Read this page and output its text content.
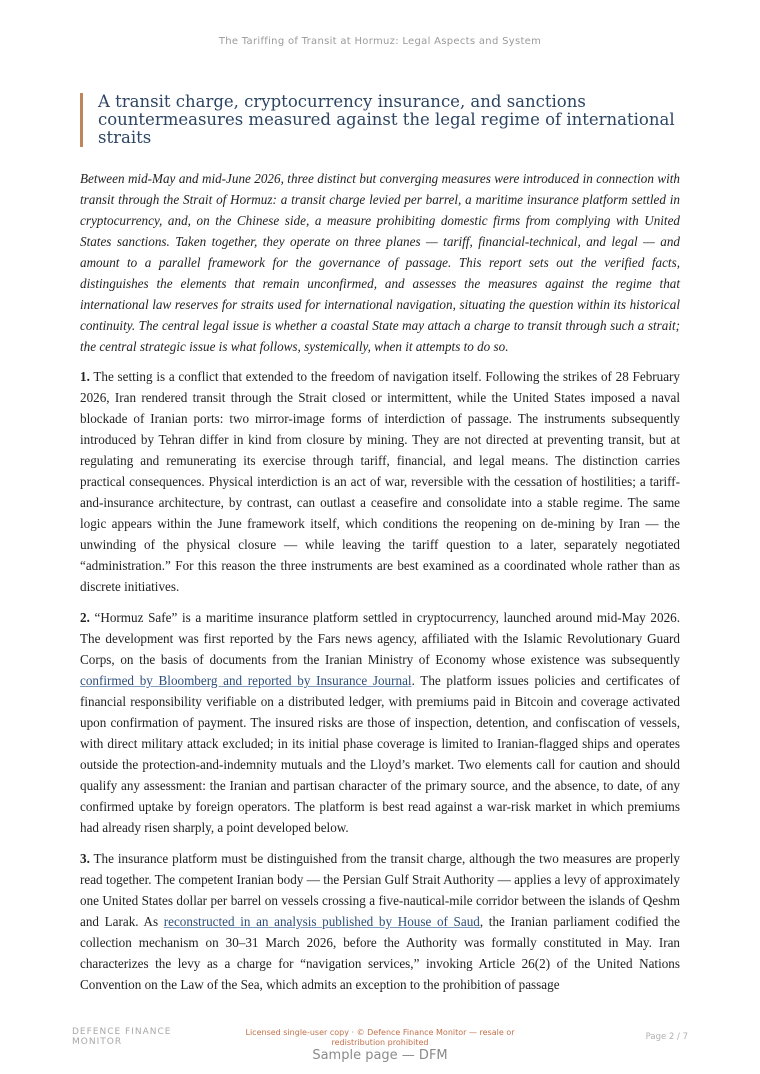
The Tariffing of Transit at Hormuz: Legal Aspects and System
A transit charge, cryptocurrency insurance, and sanctions countermeasures measured against the legal regime of international straits

Between mid-May and mid-June 2026, three distinct but converging measures were introduced in connection with transit through the Strait of Hormuz: a transit charge levied per barrel, a maritime insurance platform settled in cryptocurrency, and, on the Chinese side, a measure prohibiting domestic firms from complying with United States sanctions. Taken together, they operate on three planes — tariff, financial-technical, and legal — and amount to a parallel framework for the governance of passage. This report sets out the verified facts, distinguishes the elements that remain unconfirmed, and assesses the measures against the regime that international law reserves for straits used for international navigation, situating the question within its historical continuity. The central legal issue is whether a coastal State may attach a charge to transit through such a strait; the central strategic issue is what follows, systemically, when it attempts to do so.

1. The setting is a conflict that extended to the freedom of navigation itself. Following the strikes of 28 February 2026, Iran rendered transit through the Strait closed or intermittent, while the United States imposed a naval blockade of Iranian ports: two mirror-image forms of interdiction of passage. The instruments subsequently introduced by Tehran differ in kind from closure by mining. They are not directed at preventing transit, but at regulating and remunerating its exercise through tariff, financial, and legal means. The distinction carries practical consequences. Physical interdiction is an act of war, reversible with the cessation of hostilities; a tariff-and-insurance architecture, by contrast, can outlast a ceasefire and consolidate into a stable regime. The same logic appears within the June framework itself, which conditions the reopening on de-mining by Iran — the unwinding of the physical closure — while leaving the tariff question to a later, separately negotiated “administration.” For this reason the three instruments are best examined as a coordinated whole rather than as discrete initiatives.

2. “Hormuz Safe” is a maritime insurance platform settled in cryptocurrency, launched around mid-May 2026. The development was first reported by the Fars news agency, affiliated with the Islamic Revolutionary Guard Corps, on the basis of documents from the Iranian Ministry of Economy whose existence was subsequently confirmed by Bloomberg and reported by Insurance Journal. The platform issues policies and certificates of financial responsibility verifiable on a distributed ledger, with premiums paid in Bitcoin and coverage activated upon confirmation of payment. The insured risks are those of inspection, detention, and confiscation of vessels, with direct military attack excluded; in its initial phase coverage is limited to Iranian-flagged ships and operates outside the protection-and-indemnity mutuals and the Lloyd’s market. Two elements call for caution and should qualify any assessment: the Iranian and partisan character of the primary source, and the absence, to date, of any confirmed uptake by foreign operators. The platform is best read against a war-risk market in which premiums had already risen sharply, a point developed below.

3. The insurance platform must be distinguished from the transit charge, although the two measures are properly read together. The competent Iranian body — the Persian Gulf Strait Authority — applies a levy of approximately one United States dollar per barrel on vessels crossing a five-nautical-mile corridor between the islands of Qeshm and Larak. As reconstructed in an analysis published by House of Saud, the Iranian parliament codified the collection mechanism on 30–31 March 2026, before the Authority was formally constituted in May. Iran characterizes the levy as a charge for “navigation services,” invoking Article 26(2) of the United Nations Convention on the Law of the Sea, which admits an exception to the prohibition of passage

DEFENCE FINANCE
MONITOR
Licensed single-user copy · © Defence Finance Monitor — resale or redistribution prohibited
Page 2 / 7
Sample page — DFM
